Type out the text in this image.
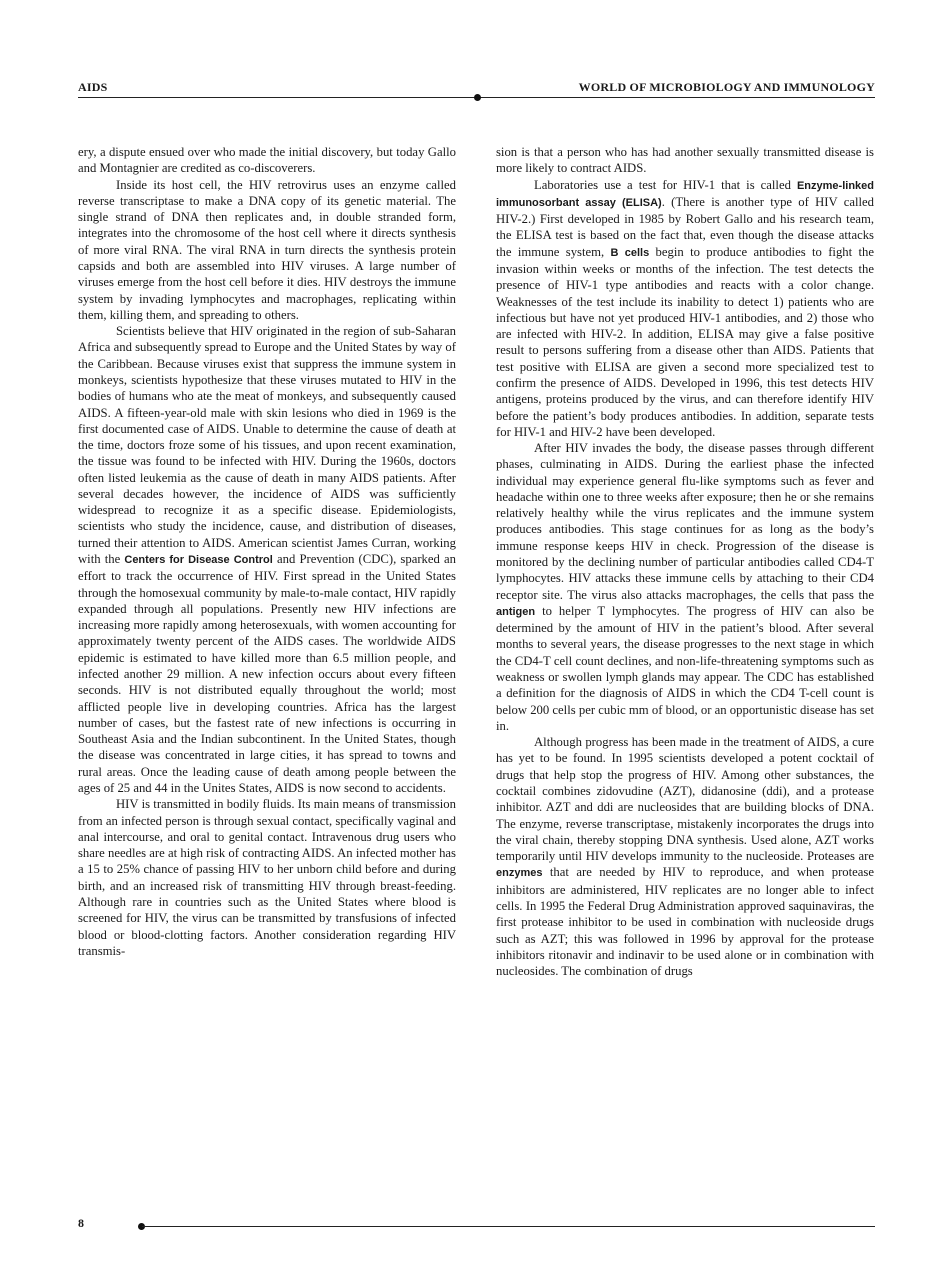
AIDS	WORLD OF MICROBIOLOGY AND IMMUNOLOGY

ery, a dispute ensued over who made the initial discovery, but today Gallo and Montagnier are credited as co-discoverers.

Inside its host cell, the HIV retrovirus uses an enzyme called reverse transcriptase to make a DNA copy of its genetic material. The single strand of DNA then replicates and, in double stranded form, integrates into the chromosome of the host cell where it directs synthesis of more viral RNA. The viral RNA in turn directs the synthesis protein capsids and both are assembled into HIV viruses. A large number of viruses emerge from the host cell before it dies. HIV destroys the immune system by invading lymphocytes and macrophages, replicating within them, killing them, and spreading to others.

Scientists believe that HIV originated in the region of sub-Saharan Africa and subsequently spread to Europe and the United States by way of the Caribbean. Because viruses exist that suppress the immune system in monkeys, scientists hypothesize that these viruses mutated to HIV in the bodies of humans who ate the meat of monkeys, and subsequently caused AIDS. A fifteen-year-old male with skin lesions who died in 1969 is the first documented case of AIDS. Unable to determine the cause of death at the time, doctors froze some of his tissues, and upon recent examination, the tissue was found to be infected with HIV. During the 1960s, doctors often listed leukemia as the cause of death in many AIDS patients. After several decades however, the incidence of AIDS was sufficiently widespread to recognize it as a specific disease. Epidemiologists, scientists who study the incidence, cause, and distribution of diseases, turned their attention to AIDS. American scientist James Curran, working with the Centers for Disease Control and Prevention (CDC), sparked an effort to track the occurrence of HIV. First spread in the United States through the homosexual community by male-to-male contact, HIV rapidly expanded through all populations. Presently new HIV infections are increasing more rapidly among heterosexuals, with women accounting for approximately twenty percent of the AIDS cases. The worldwide AIDS epidemic is estimated to have killed more than 6.5 million people, and infected another 29 million. A new infection occurs about every fifteen seconds. HIV is not distributed equally throughout the world; most afflicted people live in developing countries. Africa has the largest number of cases, but the fastest rate of new infections is occurring in Southeast Asia and the Indian subcontinent. In the United States, though the disease was concentrated in large cities, it has spread to towns and rural areas. Once the leading cause of death among people between the ages of 25 and 44 in the Unites States, AIDS is now second to accidents.

HIV is transmitted in bodily fluids. Its main means of transmission from an infected person is through sexual contact, specifically vaginal and anal intercourse, and oral to genital contact. Intravenous drug users who share needles are at high risk of contracting AIDS. An infected mother has a 15 to 25% chance of passing HIV to her unborn child before and during birth, and an increased risk of transmitting HIV through breast-feeding. Although rare in countries such as the United States where blood is screened for HIV, the virus can be transmitted by transfusions of infected blood or blood-clotting factors. Another consideration regarding HIV transmis-

sion is that a person who has had another sexually transmitted disease is more likely to contract AIDS.

Laboratories use a test for HIV-1 that is called Enzyme-linked immunosorbant assay (ELISA). (There is another type of HIV called HIV-2.) First developed in 1985 by Robert Gallo and his research team, the ELISA test is based on the fact that, even though the disease attacks the immune system, B cells begin to produce antibodies to fight the invasion within weeks or months of the infection. The test detects the presence of HIV-1 type antibodies and reacts with a color change. Weaknesses of the test include its inability to detect 1) patients who are infectious but have not yet produced HIV-1 antibodies, and 2) those who are infected with HIV-2. In addition, ELISA may give a false positive result to persons suffering from a disease other than AIDS. Patients that test positive with ELISA are given a second more specialized test to confirm the presence of AIDS. Developed in 1996, this test detects HIV antigens, proteins produced by the virus, and can therefore identify HIV before the patient’s body produces antibodies. In addition, separate tests for HIV-1 and HIV-2 have been developed.

After HIV invades the body, the disease passes through different phases, culminating in AIDS. During the earliest phase the infected individual may experience general flu-like symptoms such as fever and headache within one to three weeks after exposure; then he or she remains relatively healthy while the virus replicates and the immune system produces antibodies. This stage continues for as long as the body’s immune response keeps HIV in check. Progression of the disease is monitored by the declining number of particular antibodies called CD4-T lymphocytes. HIV attacks these immune cells by attaching to their CD4 receptor site. The virus also attacks macrophages, the cells that pass the antigen to helper T lymphocytes. The progress of HIV can also be determined by the amount of HIV in the patient’s blood. After several months to several years, the disease progresses to the next stage in which the CD4-T cell count declines, and non-life-threatening symptoms such as weakness or swollen lymph glands may appear. The CDC has established a definition for the diagnosis of AIDS in which the CD4 T-cell count is below 200 cells per cubic mm of blood, or an opportunistic disease has set in.

Although progress has been made in the treatment of AIDS, a cure has yet to be found. In 1995 scientists developed a potent cocktail of drugs that help stop the progress of HIV. Among other substances, the cocktail combines zidovudine (AZT), didanosine (ddi), and a protease inhibitor. AZT and ddi are nucleosides that are building blocks of DNA. The enzyme, reverse transcriptase, mistakenly incorporates the drugs into the viral chain, thereby stopping DNA synthesis. Used alone, AZT works temporarily until HIV develops immunity to the nucleoside. Proteases are enzymes that are needed by HIV to reproduce, and when protease inhibitors are administered, HIV replicates are no longer able to infect cells. In 1995 the Federal Drug Administration approved saquinaviras, the first protease inhibitor to be used in combination with nucleoside drugs such as AZT; this was followed in 1996 by approval for the protease inhibitors ritonavir and indinavir to be used alone or in combination with nucleosides. The combination of drugs

8
